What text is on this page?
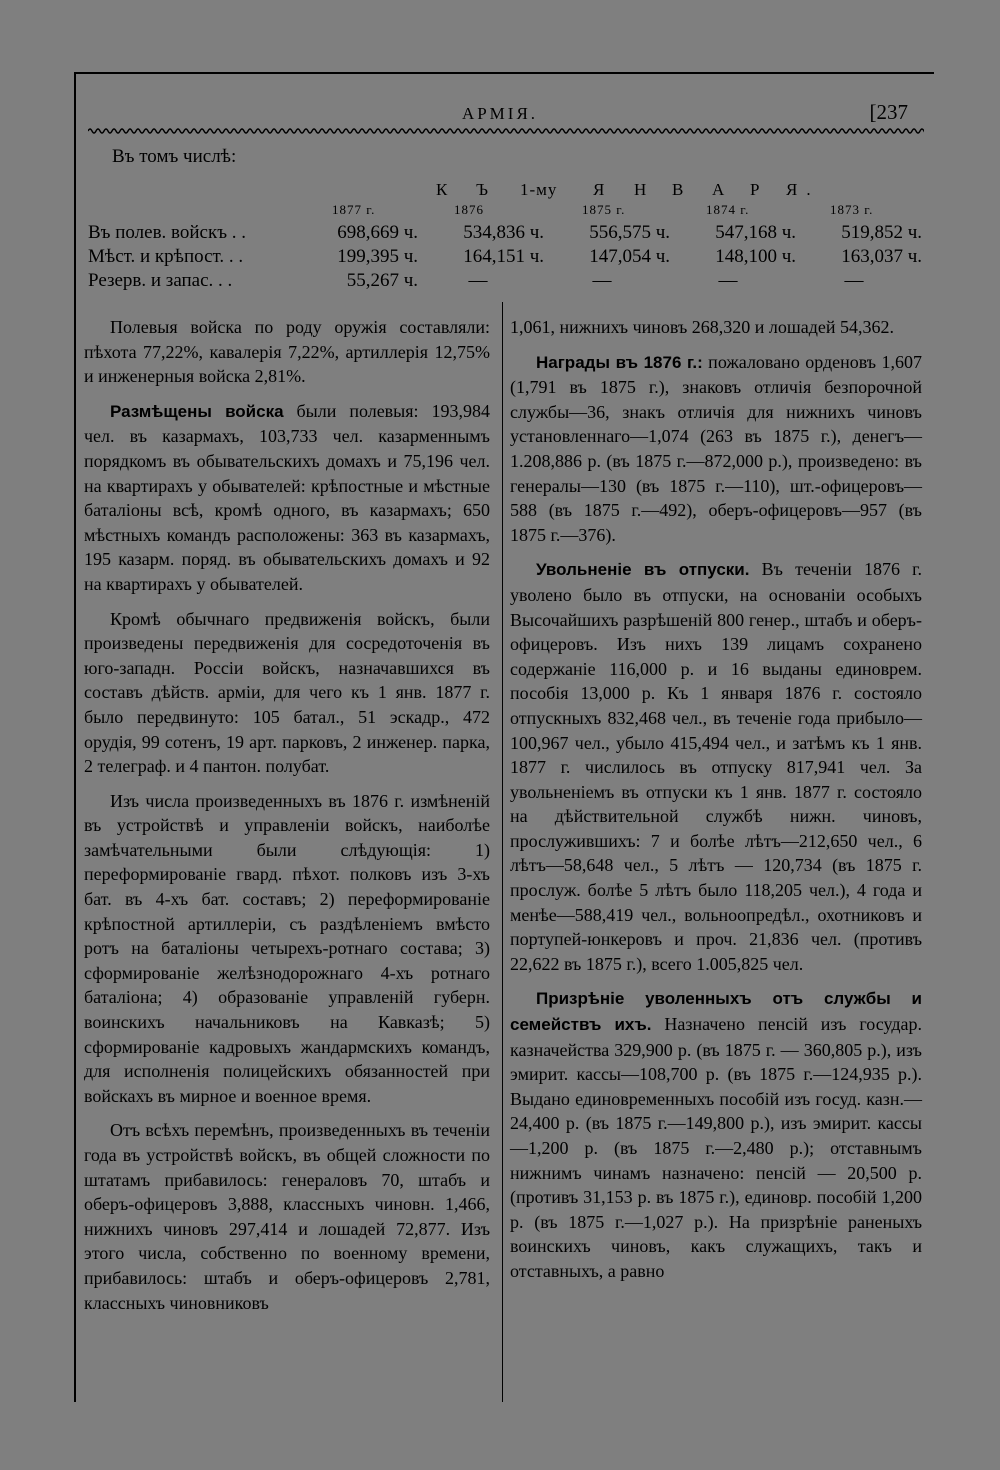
АРМІЯ.	[237
Въ томъ числѣ:
К Ъ 1-му Я Н В А Р Я.
1877 г.	1876	1875 г.	1874 г.	1873 г.
Въ полев. войскъ . .	698,669 ч.	534,836 ч.	556,575 ч.	547,168 ч.	519,852 ч.
Мѣст. и крѣпост. . .	199,395 ч.	164,151 ч.	147,054 ч.	148,100 ч.	163,037 ч.
Резерв. и запас. . .	55,267 ч.	—	—	—	—

Полевыя войска по роду оружія составляли: пѣхота 77,22%, кавалерія 7,22%, артиллерія 12,75% и инженерныя войска 2,81%.

Размѣщены войска были полевыя: 193,984 чел. въ казармахъ, 103,733 чел. казарменнымъ порядкомъ въ обывательскихъ домахъ и 75,196 чел. на квартирахъ у обывателей: крѣпостные и мѣстные баталіоны всѣ, кромѣ одного, въ казармахъ; 650 мѣстныхъ командъ расположены: 363 въ казармахъ, 195 казарм. поряд. въ обывательскихъ домахъ и 92 на квартирахъ у обывателей.

Кромѣ обычнаго предвиженія войскъ, были произведены передвиженія для сосредоточенія въ юго-западн. Россіи войскъ, назначавшихся въ составъ дѣйств. арміи, для чего къ 1 янв. 1877 г. было передвинуто: 105 батал., 51 эскадр., 472 орудія, 99 сотенъ, 19 арт. парковъ, 2 инженер. парка, 2 телеграф. и 4 пантон. полубат.

Изъ числа произведенныхъ въ 1876 г. измѣненій въ устройствѣ и управленіи войскъ, наиболѣе замѣчательными были слѣдующія: 1) переформированіе гвард. пѣхот. полковъ изъ 3-хъ бат. въ 4-хъ бат. составъ; 2) переформированіе крѣпостной артиллеріи, съ раздѣленіемъ вмѣсто ротъ на баталіоны четырехъ-ротнаго состава; 3) сформированіе желѣзнодорожнаго 4-хъ ротнаго баталіона; 4) образованіе управленій губерн. воинскихъ начальниковъ на Кавказѣ; 5) сформированіе кадровыхъ жандармскихъ командъ, для исполненія полицейскихъ обязанностей при войскахъ въ мирное и военное время.

Отъ всѣхъ перемѣнъ, произведенныхъ въ теченіи года въ устройствѣ войскъ, въ общей сложности по штатамъ прибавилось: генераловъ 70, штабъ и оберъ-офицеровъ 3,888, классныхъ чиновн. 1,466, нижнихъ чиновъ 297,414 и лошадей 72,877. Изъ этого числа, собственно по военному времени, прибавилось: штабъ и оберъ-офицеровъ 2,781, классныхъ чиновниковъ

1,061, нижнихъ чиновъ 268,320 и лошадей 54,362.

Награды въ 1876 г.: пожаловано орденовъ 1,607 (1,791 въ 1875 г.), знаковъ отличія безпорочной службы—36, знакъ отличія для нижнихъ чиновъ установленнаго—1,074 (263 въ 1875 г.), денегъ—1.208,886 р. (въ 1875 г.—872,000 р.), произведено: въ генералы—130 (въ 1875 г.—110), шт.-офицеровъ—588 (въ 1875 г.—492), оберъ-офицеровъ—957 (въ 1875 г.—376).

Увольненіе въ отпуски. Въ теченіи 1876 г. уволено было въ отпуски, на основаніи особыхъ Высочайшихъ разрѣшеній 800 генер., штабъ и оберъ-офицеровъ. Изъ нихъ 139 лицамъ сохранено содержаніе 116,000 р. и 16 выданы единоврем. пособія 13,000 р. Къ 1 января 1876 г. состояло отпускныхъ 832,468 чел., въ теченіе года прибыло—100,967 чел., убыло 415,494 чел., и затѣмъ къ 1 янв. 1877 г. числилось въ отпуску 817,941 чел. За увольненіемъ въ отпуски къ 1 янв. 1877 г. состояло на дѣйствительной службѣ нижн. чиновъ, прослужившихъ: 7 и болѣе лѣтъ—212,650 чел., 6 лѣтъ—58,648 чел., 5 лѣтъ — 120,734 (въ 1875 г. прослуж. болѣе 5 лѣтъ было 118,205 чел.), 4 года и менѣе—588,419 чел., вольноопредѣл., охотниковъ и портупей-юнкеровъ и проч. 21,836 чел. (противъ 22,622 въ 1875 г.), всего 1.005,825 чел.

Призрѣніе уволенныхъ отъ службы и семействъ ихъ. Назначено пенсій изъ государ. казначейства 329,900 р. (въ 1875 г. — 360,805 р.), изъ эмирит. кассы—108,700 р. (въ 1875 г.—124,935 р.). Выдано единовременныхъ пособій изъ госуд. казн.—24,400 р. (въ 1875 г.—149,800 р.), изъ эмирит. кассы—1,200 р. (въ 1875 г.—2,480 р.); отставнымъ нижнимъ чинамъ назначено: пенсій — 20,500 р. (противъ 31,153 р. въ 1875 г.), единовр. пособій 1,200 р. (въ 1875 г.—1,027 р.). На призрѣніе раненыхъ воинскихъ чиновъ, какъ служащихъ, такъ и отставныхъ, а равно
